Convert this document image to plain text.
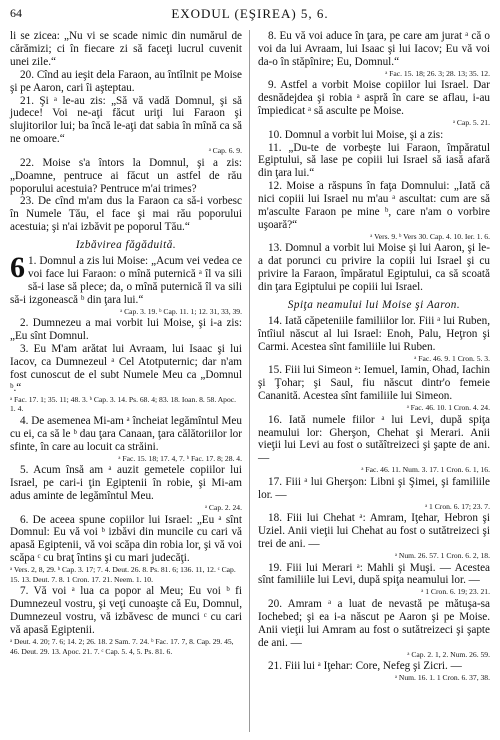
64	EXODUL (EŞIREA) 5, 6.

li se zicea: „Nu vi se scade nimic din numărul de cărămizi; ci în fiecare zi să faceţi lucrul cuvenit unei zile.“

20. Cînd au ieşit dela Faraon, au întîlnit pe Moise şi pe Aaron, cari îi aşteptau.

21. Şi ᵃ le-au zis: „Să vă vadă Domnul, şi să judece! Voi ne-aţi făcut uriţi lui Faraon şi slujitorilor lui; ba încă le-aţi dat sabia în mînă ca să ne omoare.“

ᵃ Cap. 6. 9.

22. Moise s'a întors la Domnul, şi a zis: „Doamne, pentruce ai făcut un astfel de rău poporului acestuia? Pentruce m'ai trimes?

23. De cînd m'am dus la Faraon ca să-i vorbesc în Numele Tău, el face şi mai rău poporului acestuia; şi n'ai izbăvit pe poporul Tău.“

Izbăvirea făgăduită.
6 1. Domnul a zis lui Moise: „Acum vei vedea ce voi face lui Faraon: o mînă puternică ᵃ îl va sili să-i lase să plece; da, o mînă puternică îl va sili să-i izgonească ᵇ din ţara lui.“

ᵃ Cap. 3. 19. ᵇ Cap. 11. 1; 12. 31, 33, 39.

2. Dumnezeu a mai vorbit lui Moise, şi i-a zis: „Eu sînt Domnul.

3. Eu M'am arătat lui Avraam, lui Isaac şi lui Iacov, ca Dumnezeul ᵃ Cel Atotputernic; dar n'am fost cunoscut de el subt Numele Meu ca „Domnul ᵇ.“

ᵃ Fac. 17. 1; 35. 11; 48. 3. ᵇ Cap. 3. 14. Ps. 68. 4; 83. 18. Ioan. 8. 58. Apoc. 1. 4.

4. De asemenea Mi-am ᵃ încheiat legămîntul Meu cu ei, ca să le ᵇ dau ţara Canaan, ţara călătoriilor lor sfinte, în care au locuit ca străini.

ᵃ Fac. 15. 18; 17. 4, 7. ᵇ Fac. 17. 8; 28. 4.

5. Acum însă am ᵃ auzit gemetele copiilor lui Israel, pe cari-i ţin Egiptenii în robie, şi Mi-am adus aminte de legămîntul Meu.

ᵃ Cap. 2. 24.

6. De aceea spune copiilor lui Israel: „Eu ᵃ sînt Domnul: Eu vă voi ᵇ izbăvi din muncile cu cari vă apasă Egiptenii, vă voi scăpa din robia lor, şi vă voi scăpa ᶜ cu braţ întins şi cu mari judecăţi.

ᵃ Vers. 2, 8, 29. ᵇ Cap. 3. 17; 7. 4. Deut. 26. 8. Ps. 81. 6; 136. 11, 12. ᶜ Cap. 15. 13. Deut. 7. 8. 1 Cron. 17. 21. Neem. 1. 10.

7. Vă voi ᵃ lua ca popor al Meu; Eu voi ᵇ fi Dumnezeul vostru, şi veţi cunoaşte că Eu, Domnul, Dumnezeul vostru, vă izbăvesc de munci ᶜ cu cari vă apasă Egiptenii.

ᵃ Deut. 4. 20; 7. 6; 14. 2; 26. 18. 2 Sam. 7. 24. ᵇ Fac. 17. 7, 8. Cap. 29. 45, 46. Deut. 29. 13. Apoc. 21. 7. ᶜ Cap. 5. 4, 5. Ps. 81. 6.

8. Eu vă voi aduce în ţara, pe care am jurat ᵃ că o voi da lui Avraam, lui Isaac şi lui Iacov; Eu vă voi da-o în stăpînire; Eu, Domnul.“

ᵃ Fac. 15. 18; 26. 3; 28. 13; 35. 12.

9. Astfel a vorbit Moise copiilor lui Israel. Dar desnădejdea şi robia ᵃ aspră în care se aflau, i-au împiedicat ᵃ să asculte pe Moise.

ᵃ Cap. 5. 21.

10. Domnul a vorbit lui Moise, şi a zis:

11. „Du-te de vorbeşte lui Faraon, împăratul Egiptului, să lase pe copiii lui Israel să iasă afară din ţara lui.“

12. Moise a răspuns în faţa Domnului: „Iată că nici copiii lui Israel nu m'au ᵃ ascultat: cum are să m'asculte Faraon pe mine ᵇ, care n'am o vorbire uşoară?“

ᵃ Vers. 9. ᵇ Vers 30. Cap. 4. 10. Ier. 1. 6.

13. Domnul a vorbit lui Moise şi lui Aaron, şi le-a dat porunci cu privire la copiii lui Israel şi cu privire la Faraon, împăratul Egiptului, ca să scoată din ţara Egiptului pe copiii lui Israel.

Spiţa neamului lui Moise şi Aaron.

14. Iată căpeteniile familiilor lor. Fiii ᵃ lui Ruben, întîiul născut al lui Israel: Enoh, Palu, Heţron şi Carmi. Acestea sînt familiile lui Ruben.

ᵃ Fac. 46. 9. 1 Cron. 5. 3.

15. Fiii lui Simeon ᵃ: Iemuel, Iamin, Ohad, Iachin şi Ţohar; şi Saul, fiu născut dintr'o femeie Cananită. Acestea sînt familiile lui Simeon.

ᵃ Fac. 46. 10. 1 Cron. 4. 24.

16. Iată numele fiilor ᵃ lui Levi, după spiţa neamului lor: Gherşon, Chehat şi Merari. Anii vieţii lui Levi au fost o sutăîtreizeci şi şapte de ani. —

ᵃ Fac. 46. 11. Num. 3. 17. 1 Cron. 6. 1, 16.

17. Fiii ᵃ lui Gherşon: Libni şi Şimei, şi familiile lor. —

ᵃ 1 Cron. 6. 17; 23. 7.

18. Fiii lui Chehat ᵃ: Amram, Iţehar, Hebron şi Uziel. Anii vieţii lui Chehat au fost o sutătreizeci şi trei de ani. —

ᵃ Num. 26. 57. 1 Cron. 6. 2, 18.

19. Fiii lui Merari ᵃ: Mahli şi Muşi. — Acestea sînt familiile lui Levi, după spiţa neamului lor. —

ᵃ 1 Cron. 6. 19; 23. 21.

20. Amram ᵃ a luat de nevastă pe mătuşa-sa Iochebed; şi ea i-a născut pe Aaron şi pe Moise. Anii vieţii lui Amram au fost o sutătreizeci şi şapte de ani. —

ᵃ Cap. 2. 1, 2. Num. 26. 59.

21. Fiii lui ᵃ Iţehar: Core, Nefeg şi Zicri. —

ᵃ Num. 16. 1. 1 Cron. 6. 37, 38.
